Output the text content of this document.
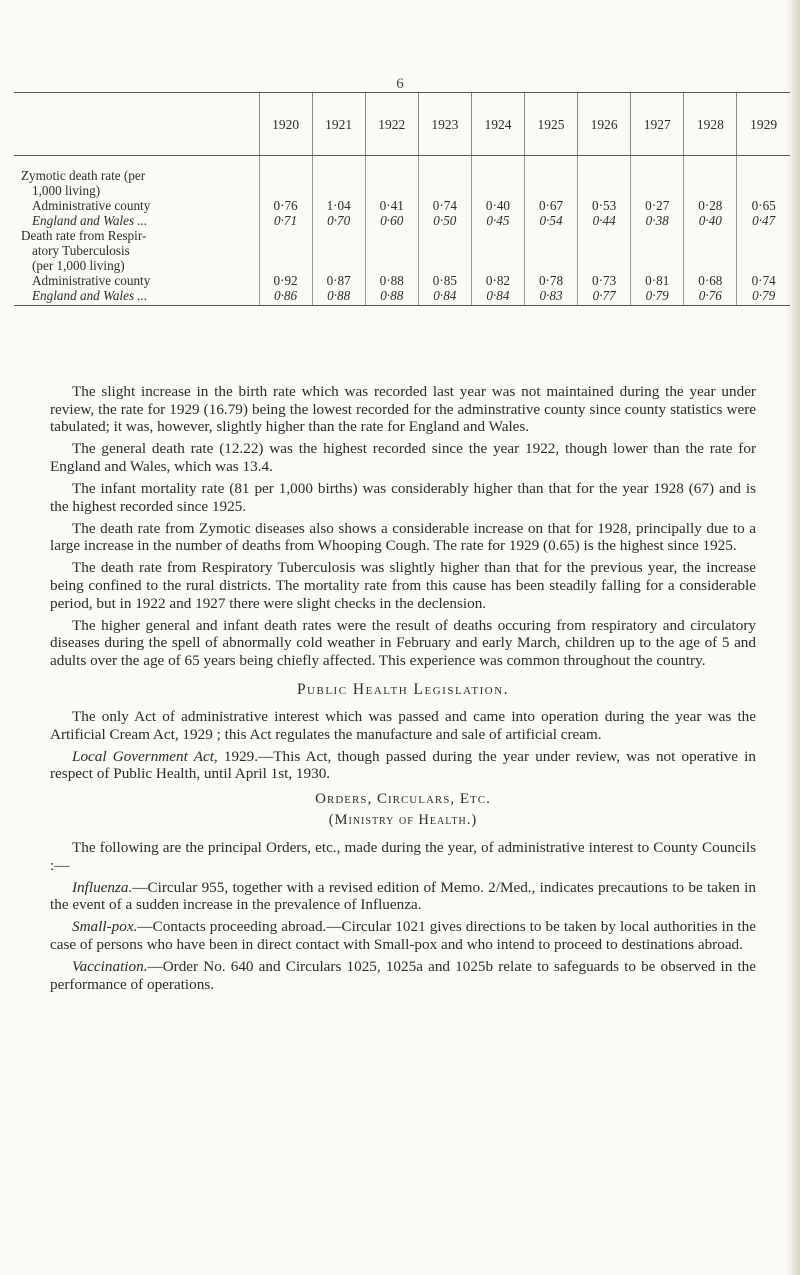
6
	1920	1921	1922	1923	1924	1925	1926	1927	1928	1929

Zymotic death rate (per										
1,000 living)										
Administrative county	0·76	1·04	0·41	0·74	0·40	0·67	0·53	0·27	0·28	0·65
England and Wales ...	0·71	0·70	0·60	0·50	0·45	0·54	0·44	0·38	0·40	0·47
Death rate from Respir-										
atory Tuberculosis										
(per 1,000 living)										
Administrative county	0·92	0·87	0·88	0·85	0·82	0·78	0·73	0·81	0·68	0·74
England and Wales ...	0·86	0·88	0·88	0·84	0·84	0·83	0·77	0·79	0·76	0·79

The slight increase in the birth rate which was recorded last year was not maintained during the year under review, the rate for 1929 (16.79) being the lowest recorded for the adminstrative county since county statistics were tabulated; it was, however, slightly higher than the rate for England and Wales.

The general death rate (12.22) was the highest recorded since the year 1922, though lower than the rate for England and Wales, which was 13.4.

The infant mortality rate (81 per 1,000 births) was considerably higher than that for the year 1928 (67) and is the highest recorded since 1925.

The death rate from Zymotic diseases also shows a considerable increase on that for 1928, principally due to a large increase in the number of deaths from Whooping Cough. The rate for 1929 (0.65) is the highest since 1925.

The death rate from Respiratory Tuberculosis was slightly higher than that for the previous year, the increase being confined to the rural districts. The mortality rate from this cause has been steadily falling for a considerable period, but in 1922 and 1927 there were slight checks in the declension.

The higher general and infant death rates were the result of deaths occuring from respiratory and circulatory diseases during the spell of abnormally cold weather in February and early March, children up to the age of 5 and adults over the age of 65 years being chiefly affected. This experience was common throughout the country.

Public Health Legislation.

The only Act of administrative interest which was passed and came into operation during the year was the Artificial Cream Act, 1929 ; this Act regulates the manufacture and sale of artificial cream.

Local Government Act, 1929.—This Act, though passed during the year under review, was not operative in respect of Public Health, until April 1st, 1930.

Orders, Circulars, Etc.
(Ministry of Health.)

The following are the principal Orders, etc., made during the year, of administrative interest to County Councils :—

Influenza.—Circular 955, together with a revised edition of Memo. 2/Med., indicates precautions to be taken in the event of a sudden increase in the prevalence of Influenza.

Small-pox.—Contacts proceeding abroad.—Circular 1021 gives directions to be taken by local authorities in the case of persons who have been in direct contact with Small-pox and who intend to proceed to destinations abroad.

Vaccination.—Order No. 640 and Circulars 1025, 1025a and 1025b relate to safeguards to be observed in the performance of operations.
